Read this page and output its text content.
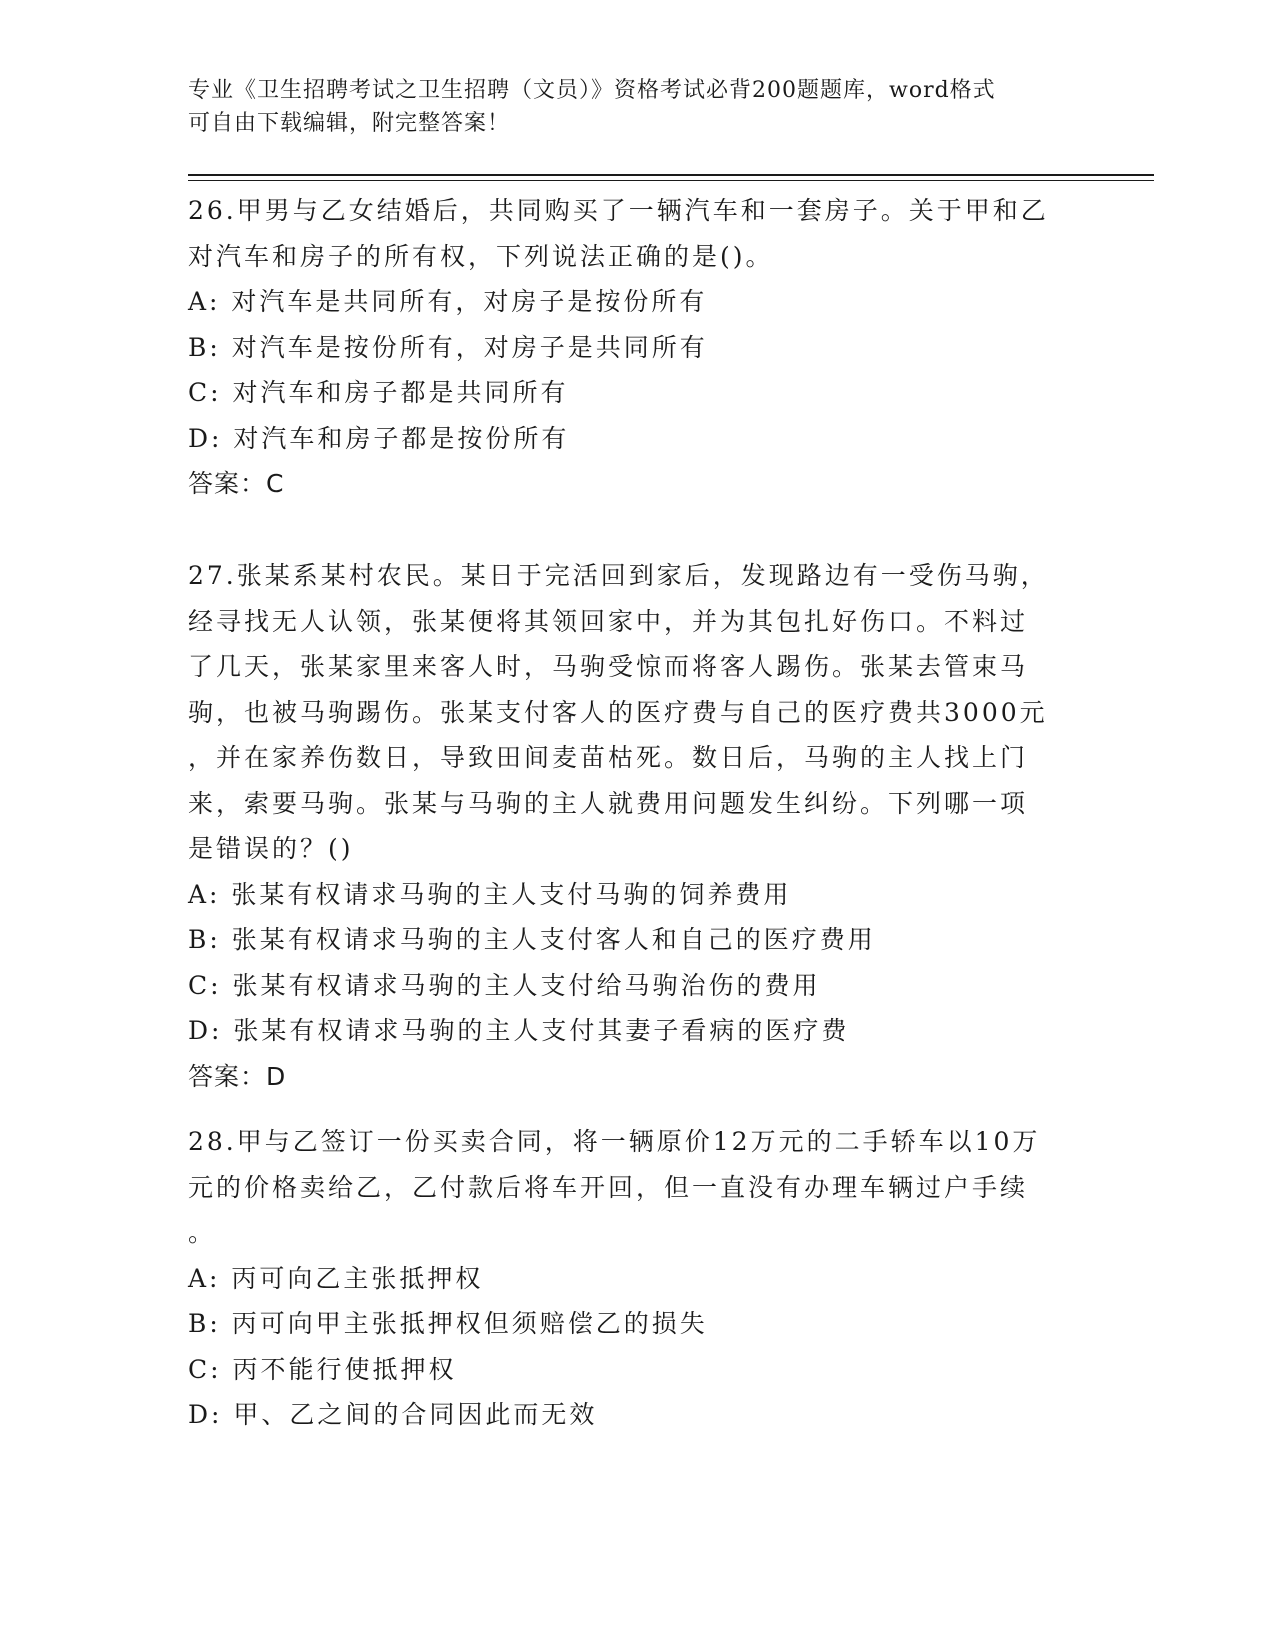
专业《卫生招聘考试之卫生招聘（文员）》资格考试必背200题题库，word格式
可自由下载编辑，附完整答案！
26.甲男与乙女结婚后，共同购买了一辆汽车和一套房子。关于甲和乙
对汽车和房子的所有权，下列说法正确的是()。
A: 对汽车是共同所有，对房子是按份所有
B: 对汽车是按份所有，对房子是共同所有
C: 对汽车和房子都是共同所有
D: 对汽车和房子都是按份所有
答案：C
27.张某系某村农民。某日于完活回到家后，发现路边有一受伤马驹，
经寻找无人认领，张某便将其领回家中，并为其包扎好伤口。不料过
了几天，张某家里来客人时，马驹受惊而将客人踢伤。张某去管束马
驹，也被马驹踢伤。张某支付客人的医疗费与自己的医疗费共3000元
，并在家养伤数日，导致田间麦苗枯死。数日后，马驹的主人找上门
来，索要马驹。张某与马驹的主人就费用问题发生纠纷。下列哪一项
是错误的？()
A: 张某有权请求马驹的主人支付马驹的饲养费用
B: 张某有权请求马驹的主人支付客人和自己的医疗费用
C: 张某有权请求马驹的主人支付给马驹治伤的费用
D: 张某有权请求马驹的主人支付其妻子看病的医疗费
答案：D
28.甲与乙签订一份买卖合同，将一辆原价12万元的二手轿车以10万
元的价格卖给乙，乙付款后将车开回，但一直没有办理车辆过户手续
。
A: 丙可向乙主张抵押权
B: 丙可向甲主张抵押权但须赔偿乙的损失
C: 丙不能行使抵押权
D: 甲、乙之间的合同因此而无效
